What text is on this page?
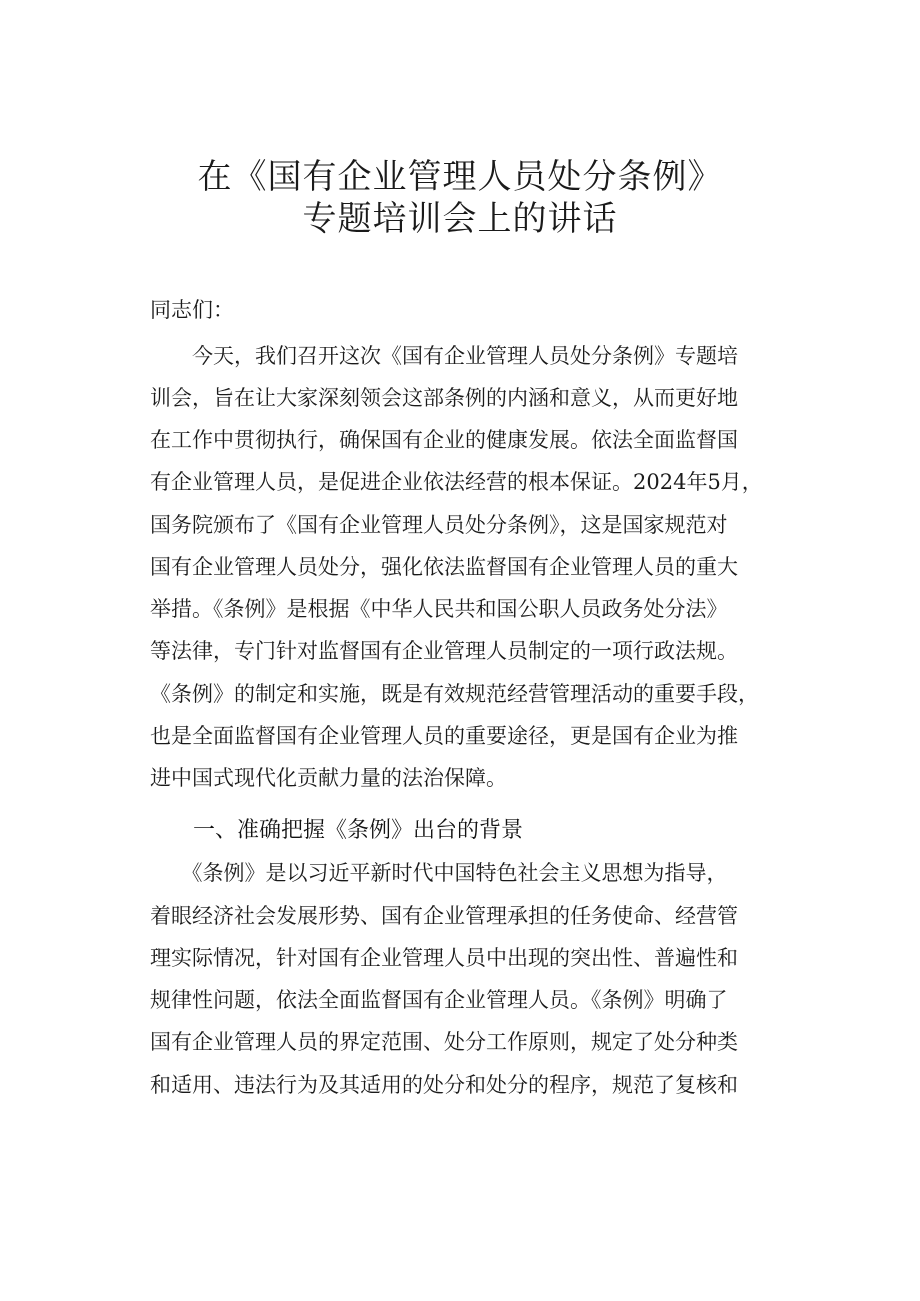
在《国有企业管理人员处分条例》
专题培训会上的讲话
同志们：
　　今天，我们召开这次《国有企业管理人员处分条例》专题培
训会，旨在让大家深刻领会这部条例的内涵和意义，从而更好地
在工作中贯彻执行，确保国有企业的健康发展。依法全面监督国
有企业管理人员，是促进企业依法经营的根本保证。2024年5月，
国务院颁布了《国有企业管理人员处分条例》，这是国家规范对
国有企业管理人员处分，强化依法监督国有企业管理人员的重大
举措。《条例》是根据《中华人民共和国公职人员政务处分法》
等法律，专门针对监督国有企业管理人员制定的一项行政法规。
《条例》的制定和实施，既是有效规范经营管理活动的重要手段，
也是全面监督国有企业管理人员的重要途径，更是国有企业为推
进中国式现代化贡献力量的法治保障。
一、准确把握《条例》出台的背景
　　《条例》是以习近平新时代中国特色社会主义思想为指导，
着眼经济社会发展形势、国有企业管理承担的任务使命、经营管
理实际情况，针对国有企业管理人员中出现的突出性、普遍性和
规律性问题，依法全面监督国有企业管理人员。《条例》明确了
国有企业管理人员的界定范围、处分工作原则，规定了处分种类
和适用、违法行为及其适用的处分和处分的程序，规范了复核和
